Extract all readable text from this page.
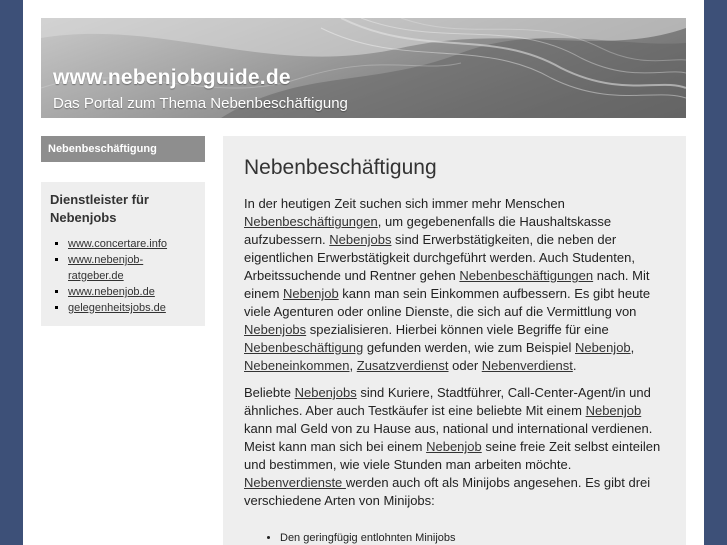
www.nebenjobguide.de
Das Portal zum Thema Nebenbeschäftigung
Nebenbeschäftigung
Dienstleister für Nebenjobs
▪ www.concertare.info
▪ www.nebenjob-ratgeber.de
▪ www.nebenjob.de
▪ gelegenheitsjobs.de
Nebenbeschäftigung

In der heutigen Zeit suchen sich immer mehr Menschen Nebenbeschäftigungen, um gegebenenfalls die Haushaltskasse aufzubessern. Nebenjobs sind Erwerbstätigkeiten, die neben der eigentlichen Erwerbstätigkeit durchgeführt werden. Auch Studenten, Arbeitssuchende und Rentner gehen Nebenbeschäftigungen nach. Mit einem Nebenjob kann man sein Einkommen aufbessern. Es gibt heute viele Agenturen oder online Dienste, die sich auf die Vermittlung von Nebenjobs spezialisieren. Hierbei können viele Begriffe für eine Nebenbeschäftigung gefunden werden, wie zum Beispiel Nebenjob, Nebeneinkommen, Zusatzverdienst oder Nebenverdienst.

Beliebte Nebenjobs sind Kuriere, Stadtführer, Call-Center-Agent/in und ähnliches. Aber auch Testkäufer ist eine beliebte Mit einem Nebenjob kann mal Geld von zu Hause aus, national und international verdienen. Meist kann man sich bei einem Nebenjob seine freie Zeit selbst einteilen und bestimmen, wie viele Stunden man arbeiten möchte. Nebenverdienste werden auch oft als Minijobs angesehen. Es gibt drei verschiedene Arten von Minijobs:

• Den geringfügig entlohnten Minijobs
